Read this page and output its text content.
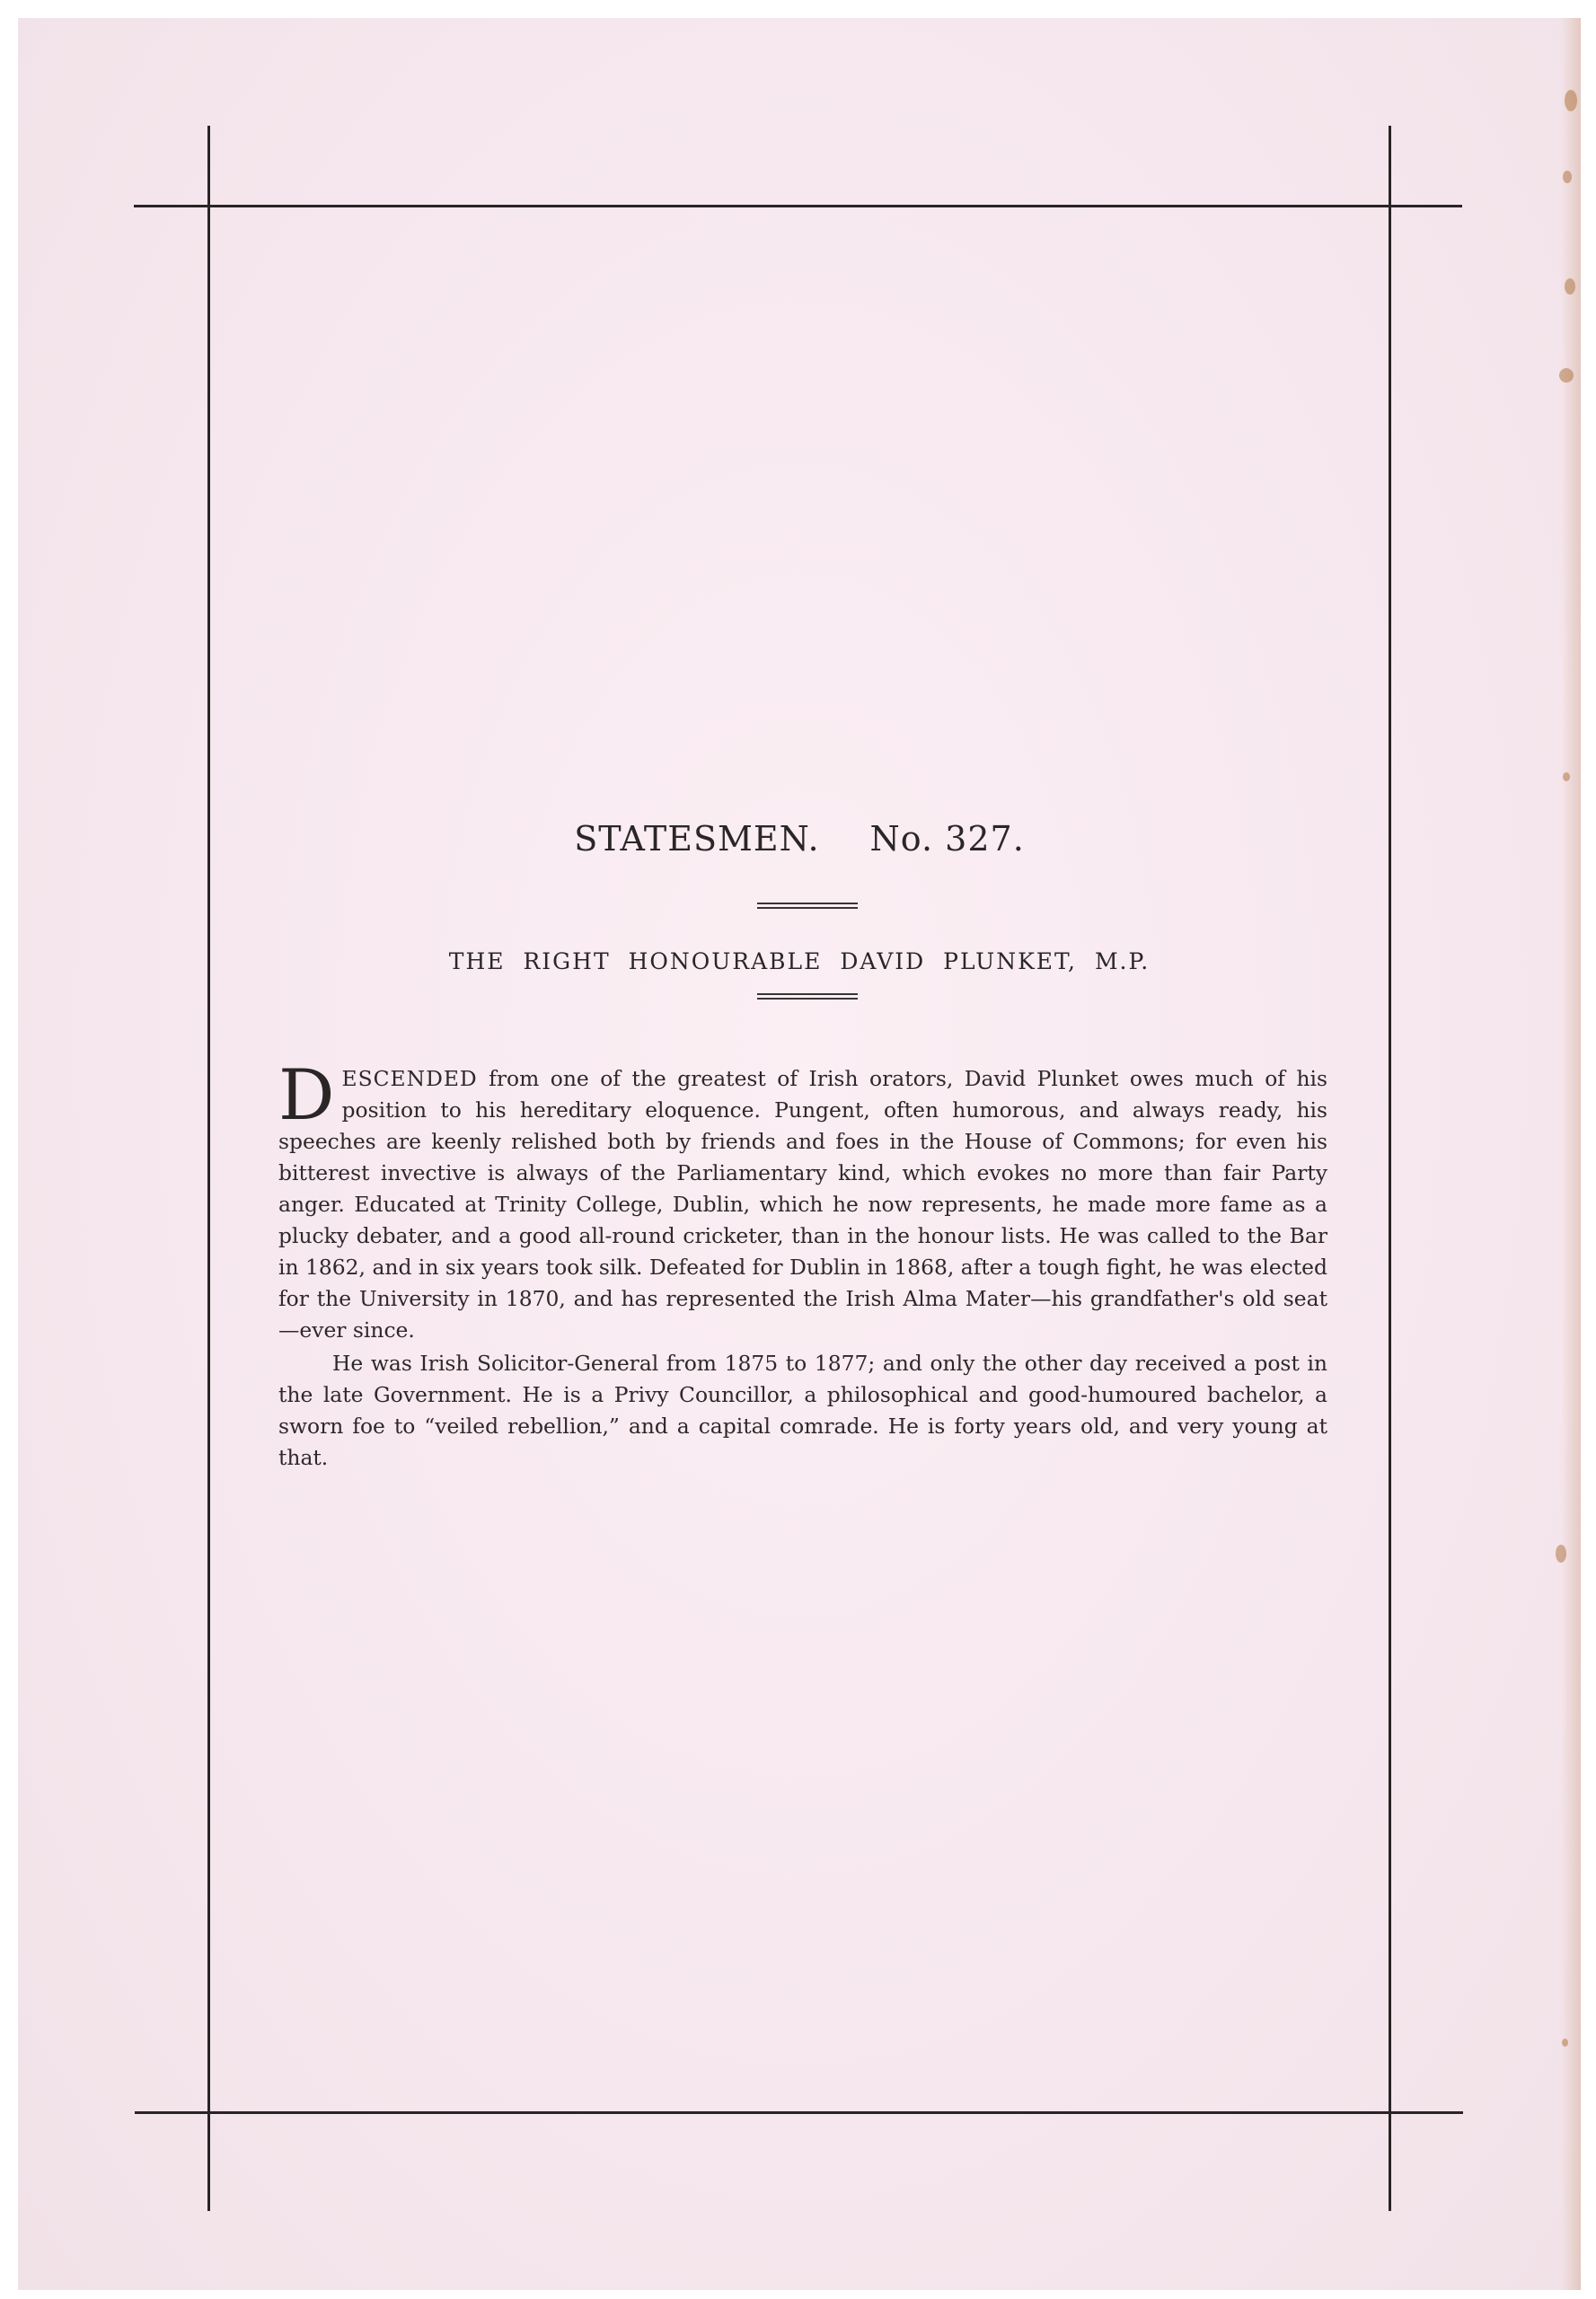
STATESMEN. No. 327.
THE RIGHT HONOURABLE DAVID PLUNKET, M.P.

DESCENDED from one of the greatest of Irish orators, David Plunket owes much of his position to his hereditary eloquence. Pungent, often humorous, and always ready, his speeches are keenly relished both by friends and foes in the House of Commons; for even his bitterest invective is always of the Parliamentary kind, which evokes no more than fair Party anger. Educated at Trinity College, Dublin, which he now represents, he made more fame as a plucky debater, and a good all-round cricketer, than in the honour lists. He was called to the Bar in 1862, and in six years took silk. Defeated for Dublin in 1868, after a tough fight, he was elected for the University in 1870, and has represented the Irish Alma Mater—his grandfather's old seat—ever since.

He was Irish Solicitor-General from 1875 to 1877; and only the other day received a post in the late Government. He is a Privy Councillor, a philosophical and good-humoured bachelor, a sworn foe to “veiled rebellion,” and a capital comrade. He is forty years old, and very young at that.
